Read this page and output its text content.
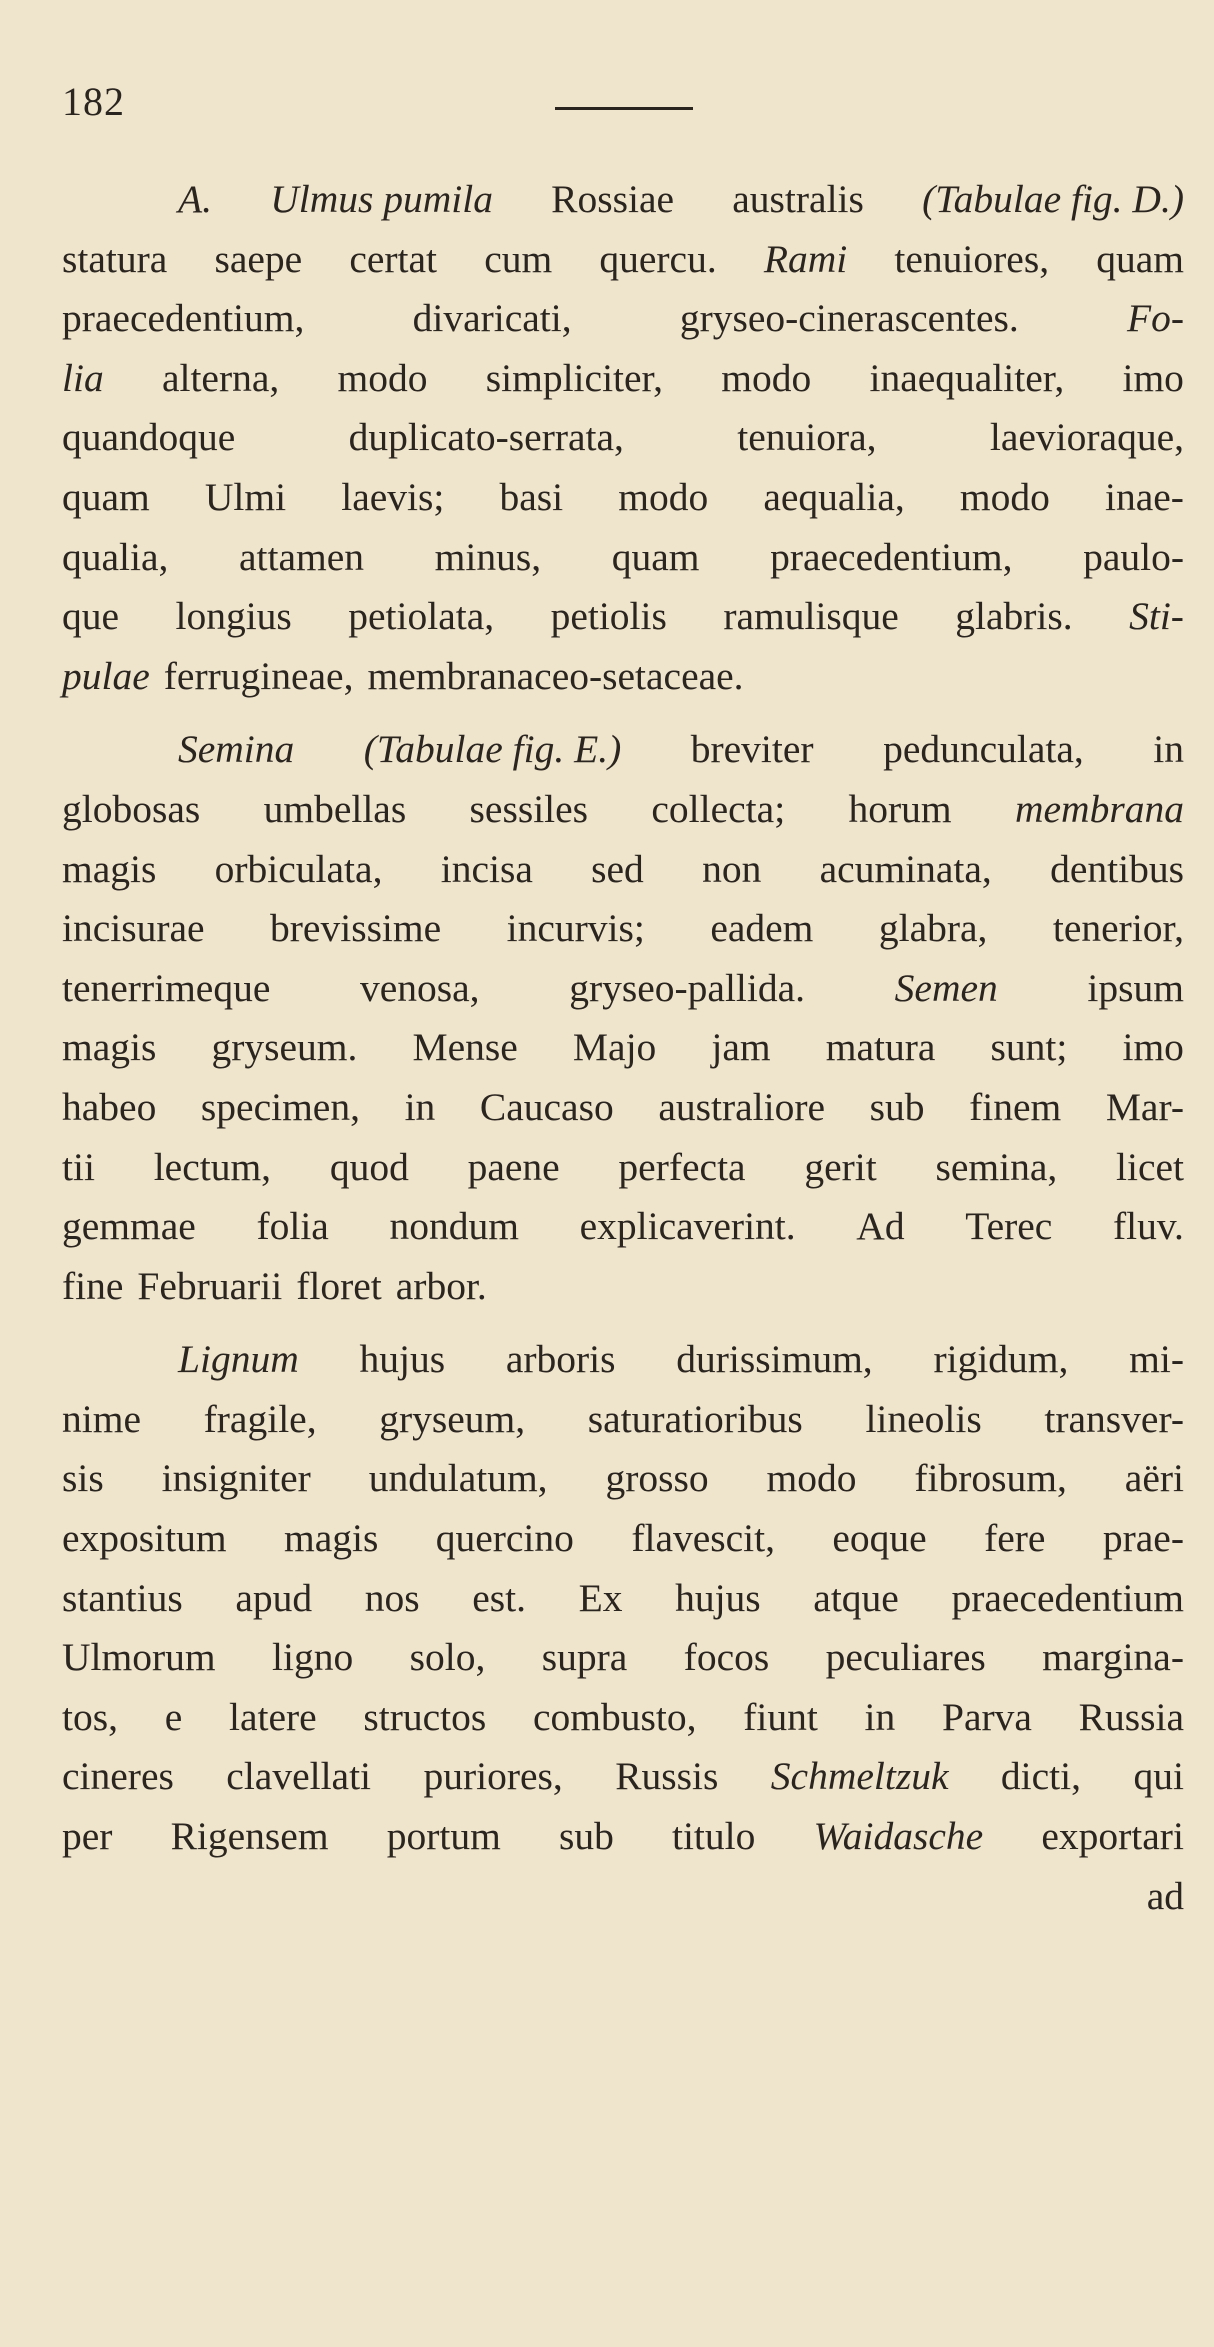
182
A. Ulmus pumila Rossiae australis (Tabulae fig. D.)
statura saepe certat cum quercu. Rami tenuiores, quam
praecedentium,	divaricati,	gryseo-cinerascentes.	Fo-
lia alterna, modo simpliciter, modo inaequaliter, imo
quandoque	duplicato-serrata,	tenuiora,	laevioraque,
quam Ulmi laevis; basi modo aequalia, modo inae-
qualia, attamen minus, quam praecedentium, paulo-
que longius petiolata, petiolis ramulisque glabris. Sti-
pulae ferrugineae, membranaceo-setaceae.
Semina (Tabulae fig. E.) breviter pedunculata, in
globosas umbellas sessiles collecta; horum membrana
magis orbiculata, incisa sed non acuminata, dentibus
incisurae brevissime incurvis; eadem glabra, tenerior,
tenerrimeque venosa, gryseo-pallida. Semen ipsum
magis gryseum. Mense Majo jam matura sunt; imo
habeo specimen, in Caucaso australiore sub finem Mar-
tii lectum, quod paene perfecta gerit semina, licet
gemmae folia nondum explicaverint. Ad Terec fluv.
fine Februarii floret arbor.
Lignum hujus arboris durissimum, rigidum, mi-
nime fragile, gryseum, saturatioribus lineolis transver-
sis insigniter undulatum, grosso modo fibrosum, aëri
expositum magis quercino flavescit, eoque fere prae-
stantius apud nos est. Ex hujus atque praecedentium
Ulmorum ligno solo, supra focos peculiares margina-
tos, e latere structos combusto, fiunt in Parva Russia
cineres clavellati puriores, Russis Schmeltzuk dicti, qui
per Rigensem portum sub titulo Waidasche exportari
ad
